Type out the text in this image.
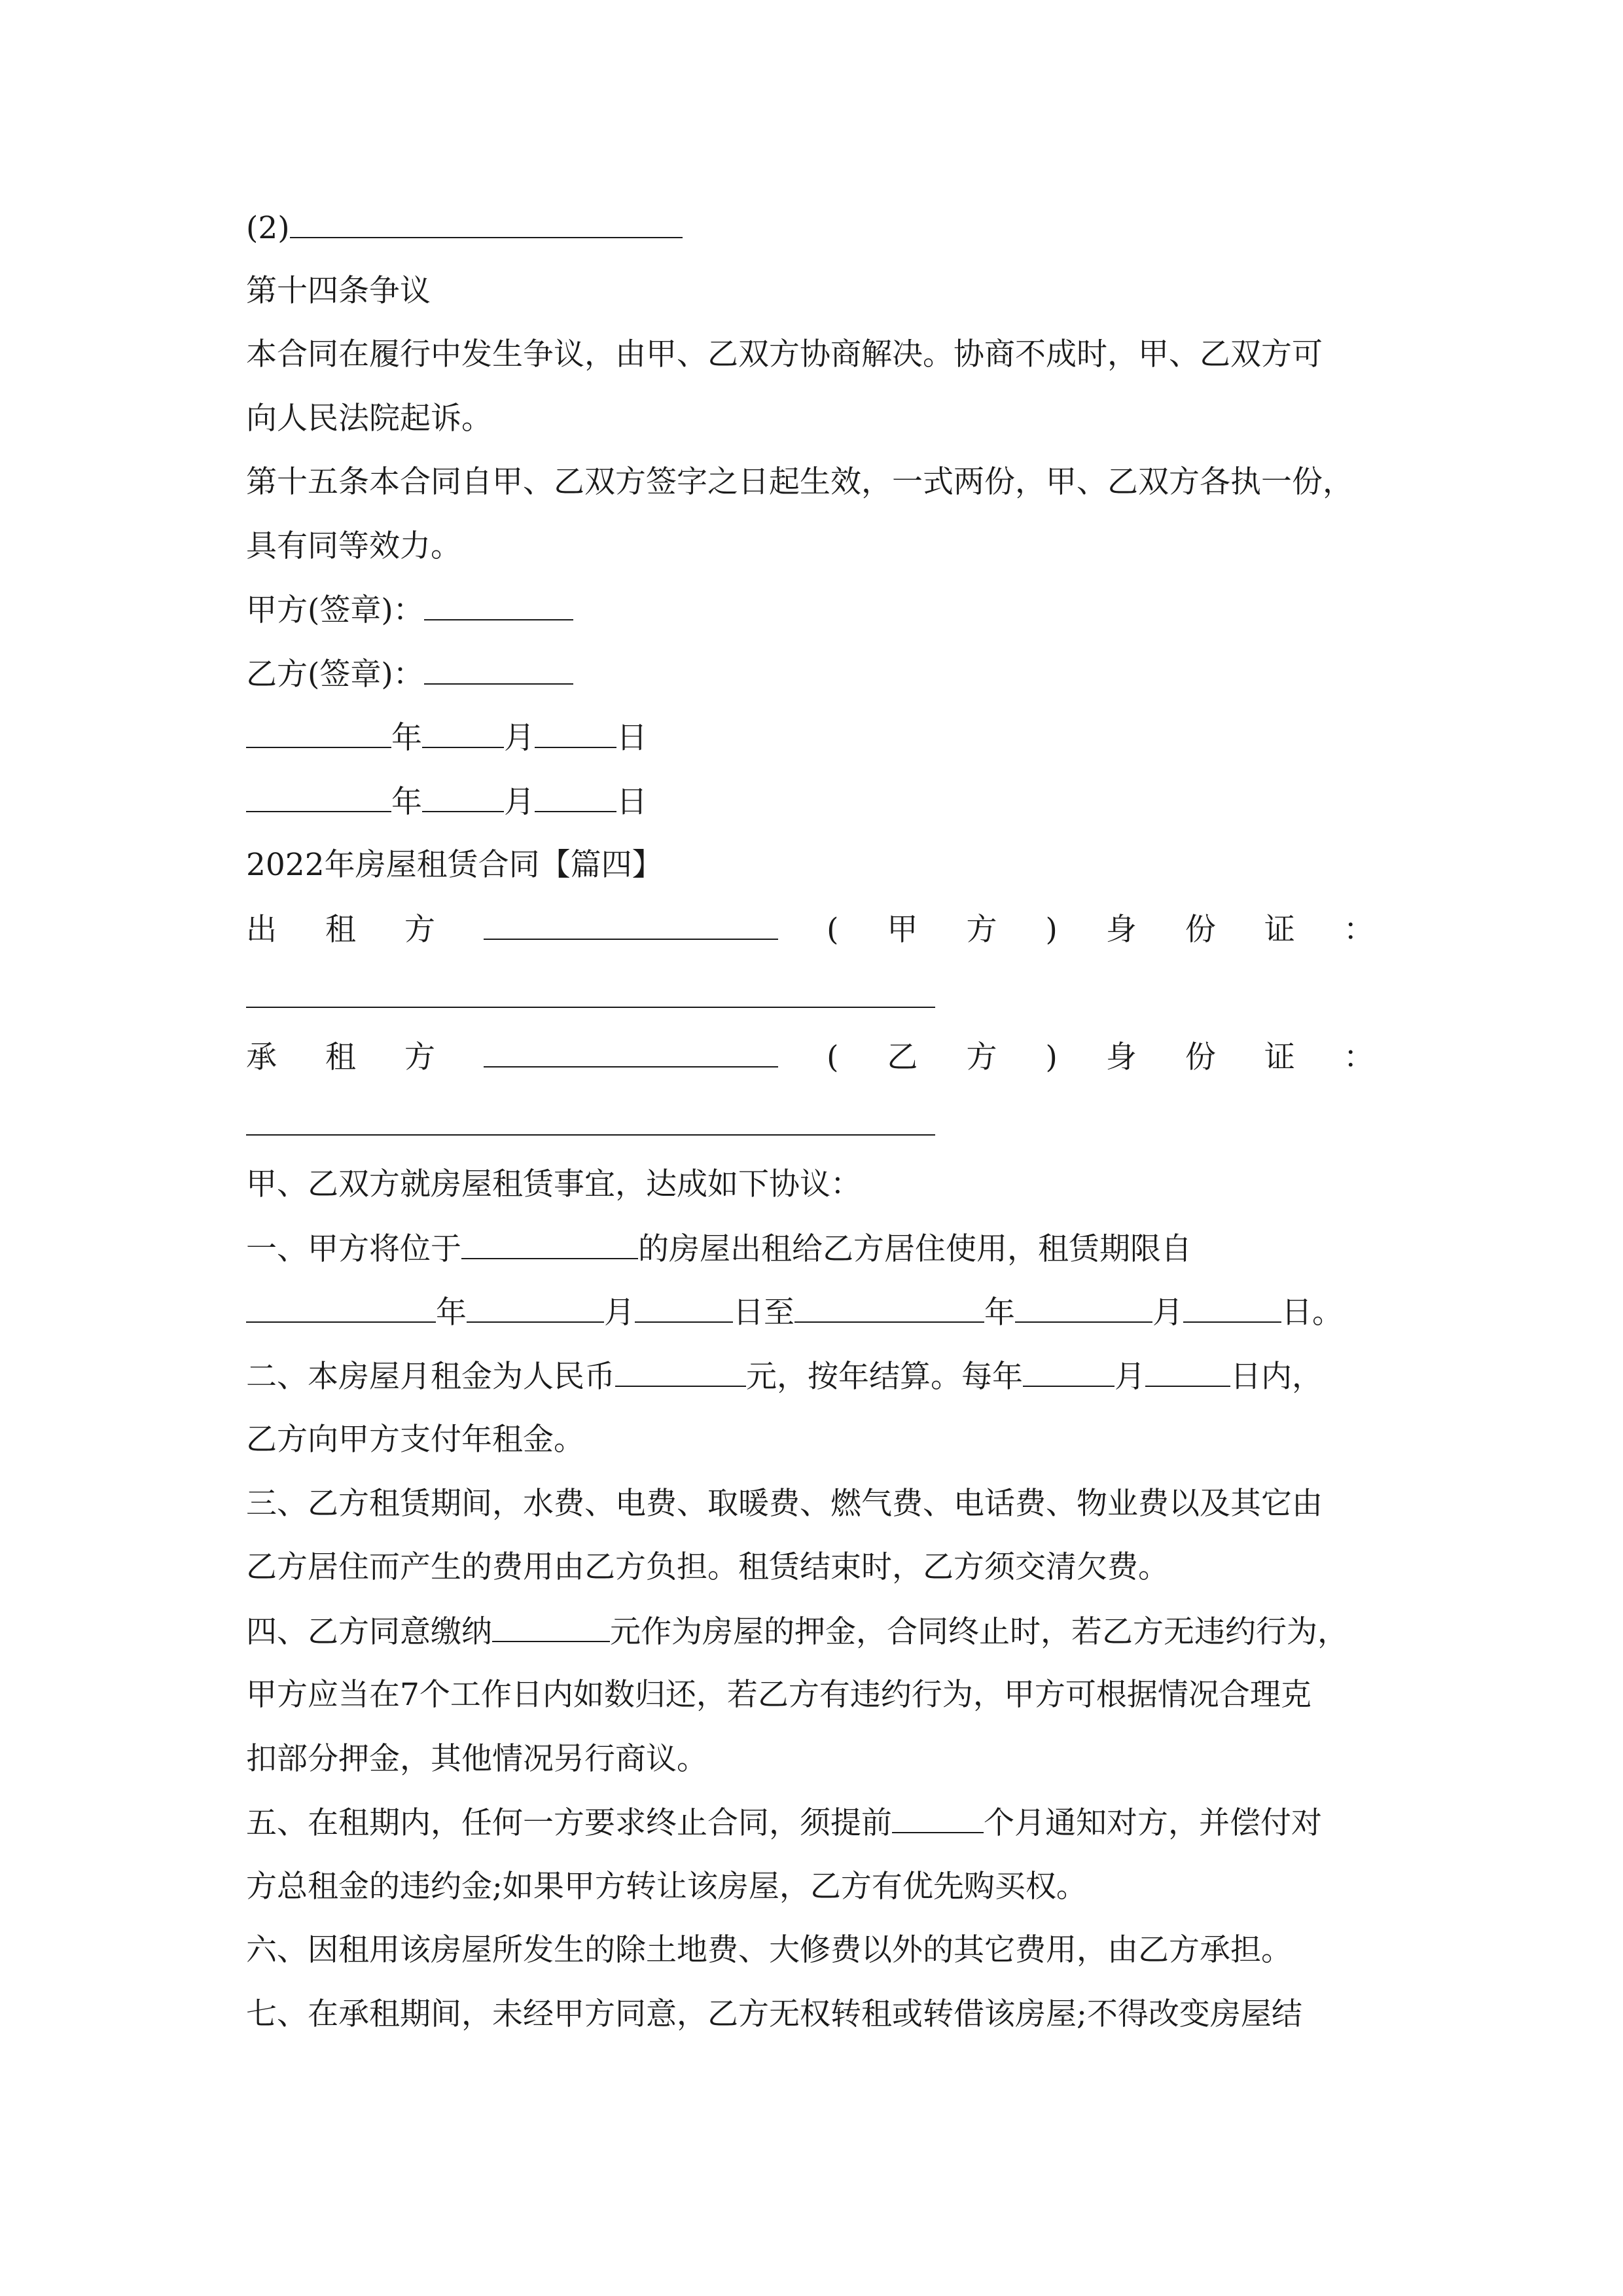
(2)
第十四条争议
本合同在履行中发生争议，由甲、乙双方协商解决。协商不成时，甲、乙双方可
向人民法院起诉。
第十五条本合同自甲、乙双方签字之日起生效，一式两份，甲、乙双方各执一份，
具有同等效力。
甲方(签章)：
乙方(签章)：
年	月	日
年	月	日
2022年房屋租赁合同【篇四】
出 租 方	( 甲 方 ) 身 份 证 ：
承 租 方	( 乙 方 ) 身 份 证 ：
甲、乙双方就房屋租赁事宜，达成如下协议：
一、甲方将位于	的房屋出租给乙方居住使用，租赁期限自
年	月	日至	年	月	日。
二、本房屋月租金为人民币	元，按年结算。每年	月	日内，
乙方向甲方支付年租金。
三、乙方租赁期间，水费、电费、取暖费、燃气费、电话费、物业费以及其它由
乙方居住而产生的费用由乙方负担。租赁结束时，乙方须交清欠费。
四、乙方同意缴纳	元作为房屋的押金，合同终止时，若乙方无违约行为，
甲方应当在7个工作日内如数归还，若乙方有违约行为，甲方可根据情况合理克
扣部分押金，其他情况另行商议。
五、在租期内，任何一方要求终止合同，须提前	个月通知对方，并偿付对
方总租金的违约金;如果甲方转让该房屋，乙方有优先购买权。
六、因租用该房屋所发生的除土地费、大修费以外的其它费用，由乙方承担。
七、在承租期间，未经甲方同意，乙方无权转租或转借该房屋;不得改变房屋结
